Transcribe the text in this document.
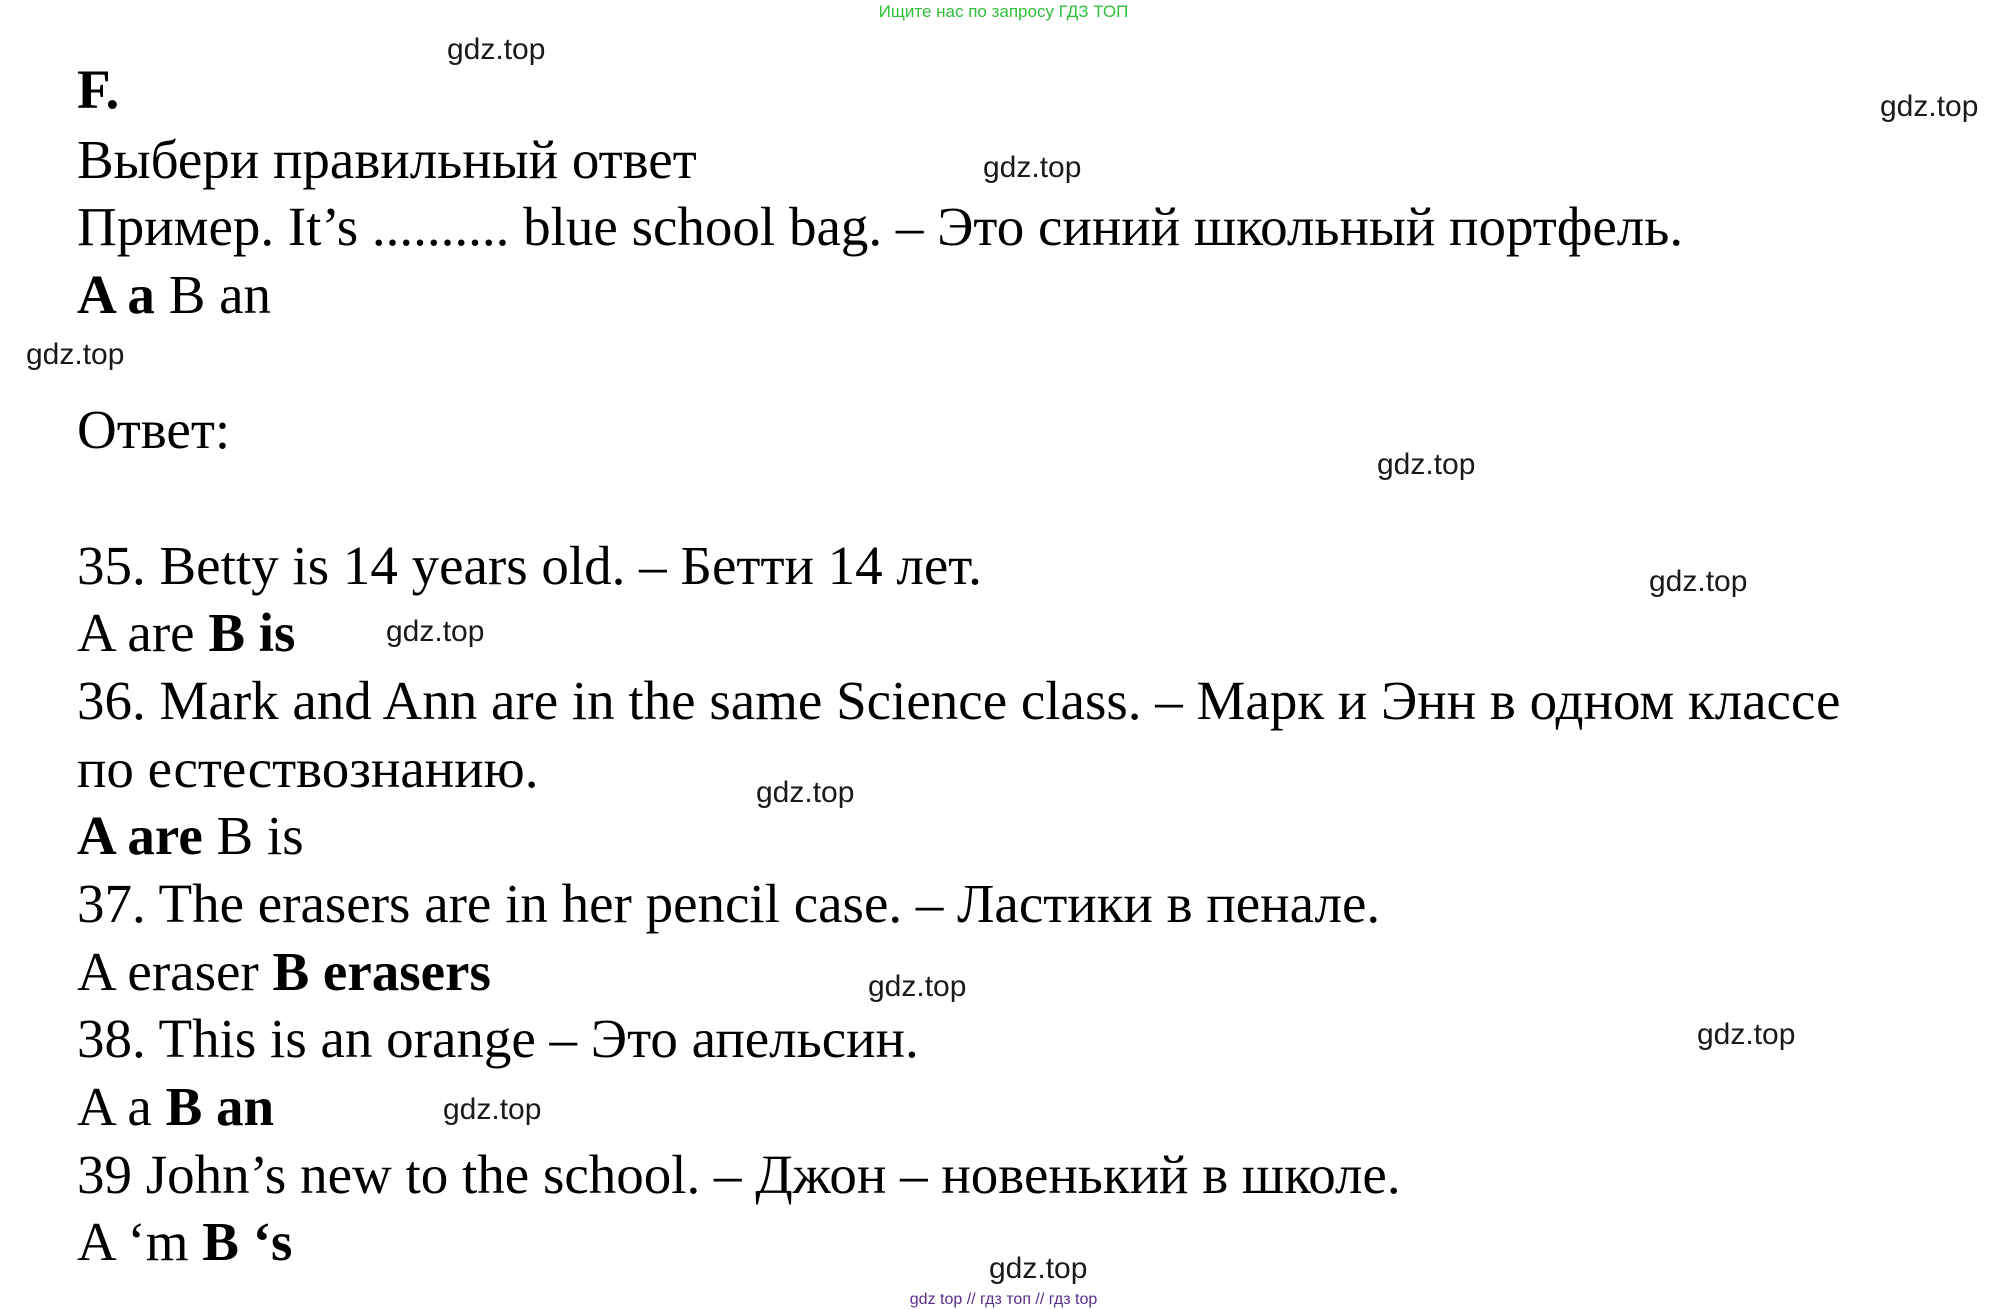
Ищите нас по запросу ГДЗ ТОП
F.
Выбери правильный ответ
Пример. It’s .......... blue school bag. – Это синий школьный портфель.
A a B an
Ответ:
35. Betty is 14 years old. – Бетти 14 лет.
A are B is
36. Mark and Ann are in the same Science class. – Марк и Энн в одном классе
по естествознанию.
A are B is
37. The erasers are in her pencil case. – Ластики в пенале.
A eraser B erasers
38. This is an orange – Это апельсин.
A a B an
39 John’s new to the school. – Джон – новенький в школе.
A ‘m B ‘s
gdz.top
gdz.top
gdz.top
gdz.top
gdz.top
gdz.top
gdz.top
gdz.top
gdz.top
gdz.top
gdz.top
gdz.top
gdz top // гдз топ // гдз top
